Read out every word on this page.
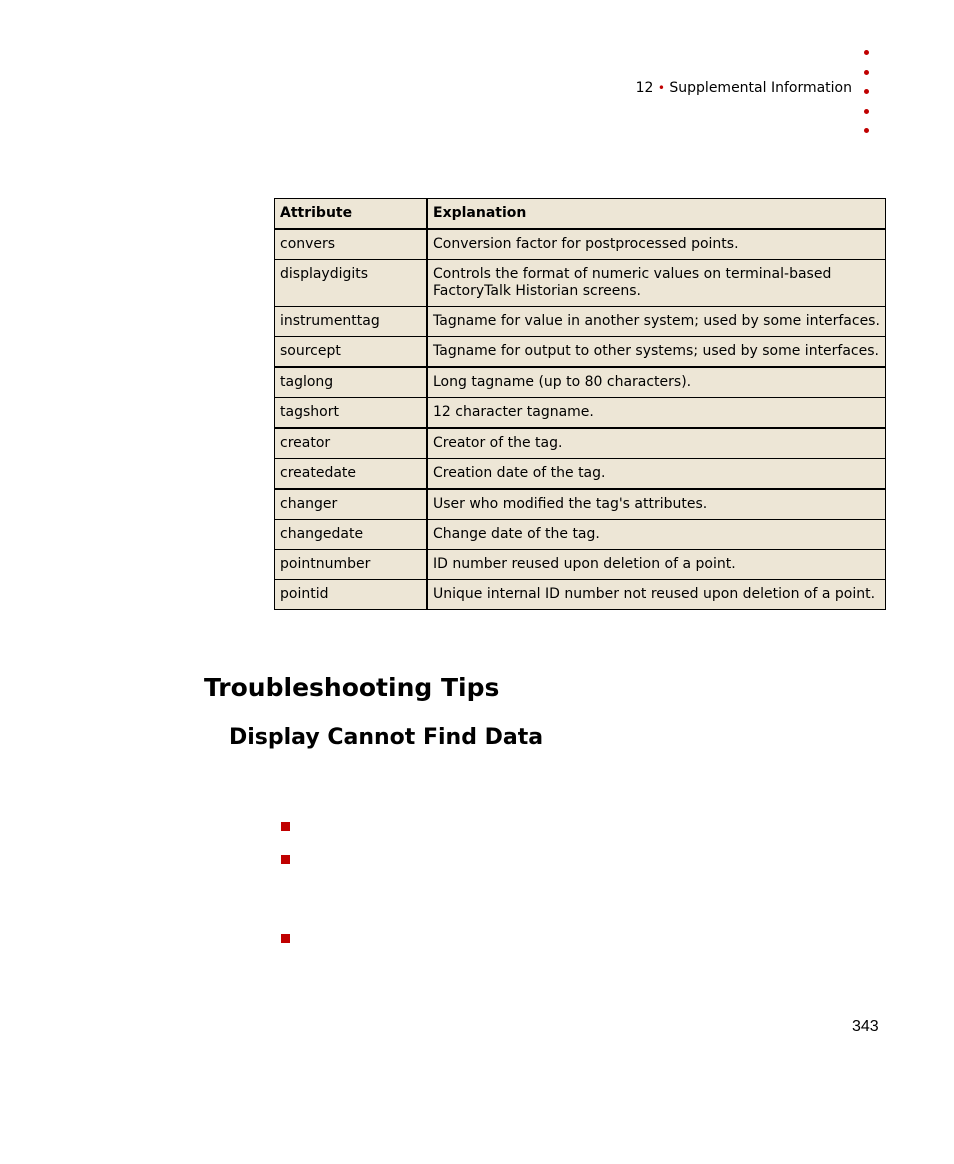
12 • Supplemental Information
Attribute	Explanation
convers	Conversion factor for postprocessed points.
displaydigits	Controls the format of numeric values on terminal-based FactoryTalk Historian screens.
instrumenttag	Tagname for value in another system; used by some interfaces.
sourcept	Tagname for output to other systems; used by some interfaces.
taglong	Long tagname (up to 80 characters).
tagshort	12 character tagname.
creator	Creator of the tag.
createdate	Creation date of the tag.
changer	User who modified the tag's attributes.
changedate	Change date of the tag.
pointnumber	ID number reused upon deletion of a point.
pointid	Unique internal ID number not reused upon deletion of a point.
Troubleshooting Tips
Display Cannot Find Data
343
